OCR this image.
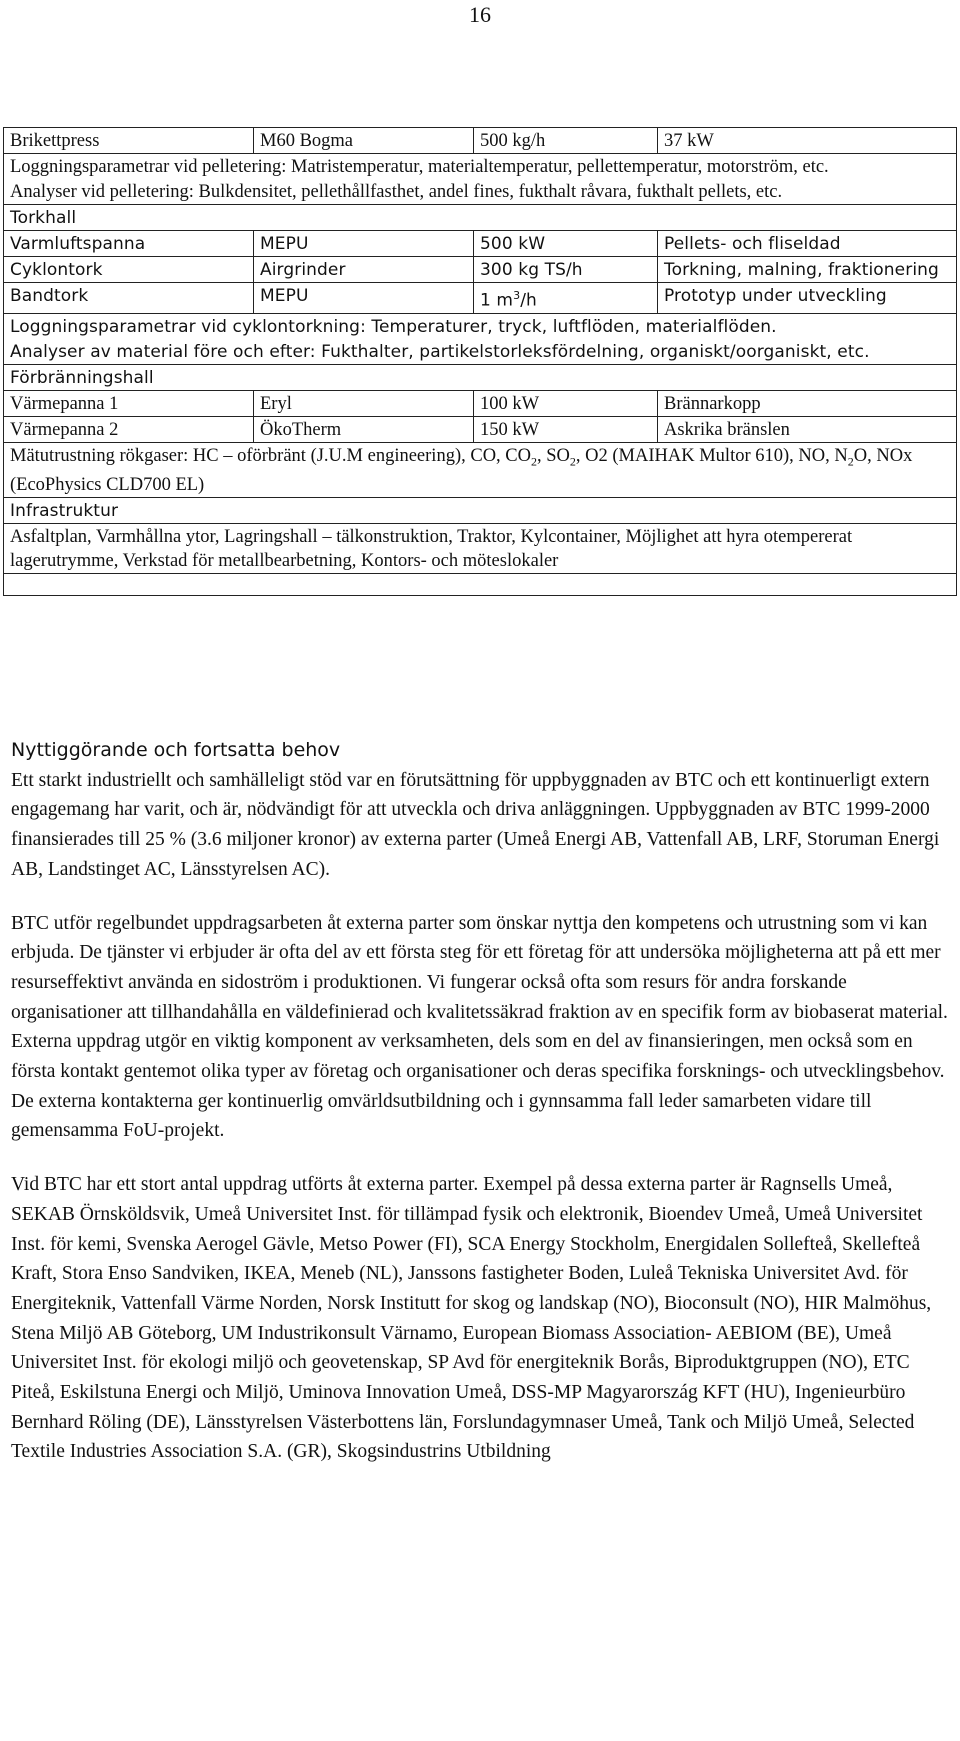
16
Brikettpress	M60 Bogma	500 kg/h	37 kW
Loggningsparametrar vid pelletering: Matristemperatur, materialtemperatur, pellettemperatur, motorström, etc.			
Analyser vid pelletering: Bulkdensitet, pellethållfasthet, andel fines, fukthalt råvara, fukthalt pellets, etc.			
Torkhall			
Varmluftspanna	MEPU	500 kW	Pellets- och fliseldad
Cyklontork	Airgrinder	300 kg TS/h	Torkning, malning, fraktionering
Bandtork	MEPU	1 $m^3/h$	Prototyp under utveckling
Loggningsparametrar vid cyklontorkning: Temperaturer, tryck, luftflöden, materialflöden.			
Analyser av material före och efter: Fukthalter, partikelstorleksfördelning, organiskt/oorganiskt, etc.			
Förbränningshall			
Värmepanna 1	Eryl	100 kW	Brännarkopp
Värmepanna 2	ÖkoTherm	150 kW	Askrika bränslen
Mätutrustning rökgaser: HC – oförbränt (J.U.M engineering), CO, $CO_2$, $SO_2$, O2 (MAIHAK Multor 610), NO, $N_2O$, NOx (EcoPhysics CLD700 EL)			
Infrastruktur			
Asfaltplan, Varmhållna ytor, Lagringshall – tälkonstruktion, Traktor, Kylcontainer, Möjlighet att hyra otempererat lagerutrymme, Verkstad för metallbearbetning, Kontors- och möteslokaler			

Nyttiggörande och fortsatta behov

Ett starkt industriellt och samhälleligt stöd var en förutsättning för uppbyggnaden av BTC och ett kontinuerligt extern engagemang har varit, och är, nödvändigt för att utveckla och driva anläggningen. Uppbyggnaden av BTC 1999-2000 finansierades till 25 % (3.6 miljoner kronor) av externa parter (Umeå Energi AB, Vattenfall AB, LRF, Storuman Energi AB, Landstinget AC, Länsstyrelsen AC).

BTC utför regelbundet uppdragsarbeten åt externa parter som önskar nyttja den kompetens och utrustning som vi kan erbjuda. De tjänster vi erbjuder är ofta del av ett första steg för ett företag för att undersöka möjligheterna att på ett mer resurseffektivt använda en sidoström i produktionen. Vi fungerar också ofta som resurs för andra forskande organisationer att tillhandahålla en väldefinierad och kvalitetssäkrad fraktion av en specifik form av biobaserat material. Externa uppdrag utgör en viktig komponent av verksamheten, dels som en del av finansieringen, men också som en första kontakt gentemot olika typer av företag och organisationer och deras specifika forsknings- och utvecklingsbehov. De externa kontakterna ger kontinuerlig omvärldsutbildning och i gynnsamma fall leder samarbeten vidare till gemensamma FoU-projekt.

Vid BTC har ett stort antal uppdrag utförts åt externa parter. Exempel på dessa externa parter är Ragnsells Umeå, SEKAB Örnsköldsvik, Umeå Universitet Inst. för tillämpad fysik och elektronik, Bioendev Umeå, Umeå Universitet Inst. för kemi, Svenska Aerogel Gävle, Metso Power (FI), SCA Energy Stockholm, Energidalen Sollefteå, Skellefteå Kraft, Stora Enso Sandviken, IKEA, Meneb (NL), Janssons fastigheter Boden, Luleå Tekniska Universitet Avd. för Energiteknik, Vattenfall Värme Norden, Norsk Institutt for skog og landskap (NO), Bioconsult (NO), HIR Malmöhus, Stena Miljö AB Göteborg, UM Industrikonsult Värnamo, European Biomass Association- AEBIOM (BE), Umeå Universitet Inst. för ekologi miljö och geovetenskap, SP Avd för energiteknik Borås, Biproduktgruppen (NO), ETC Piteå, Eskilstuna Energi och Miljö, Uminova Innovation Umeå, DSS-MP Magyarország KFT (HU), Ingenieurbüro Bernhard Röling (DE), Länsstyrelsen Västerbottens län, Forslundagymnaser Umeå, Tank och Miljö Umeå, Selected Textile Industries Association S.A. (GR), Skogsindustrins Utbildning
